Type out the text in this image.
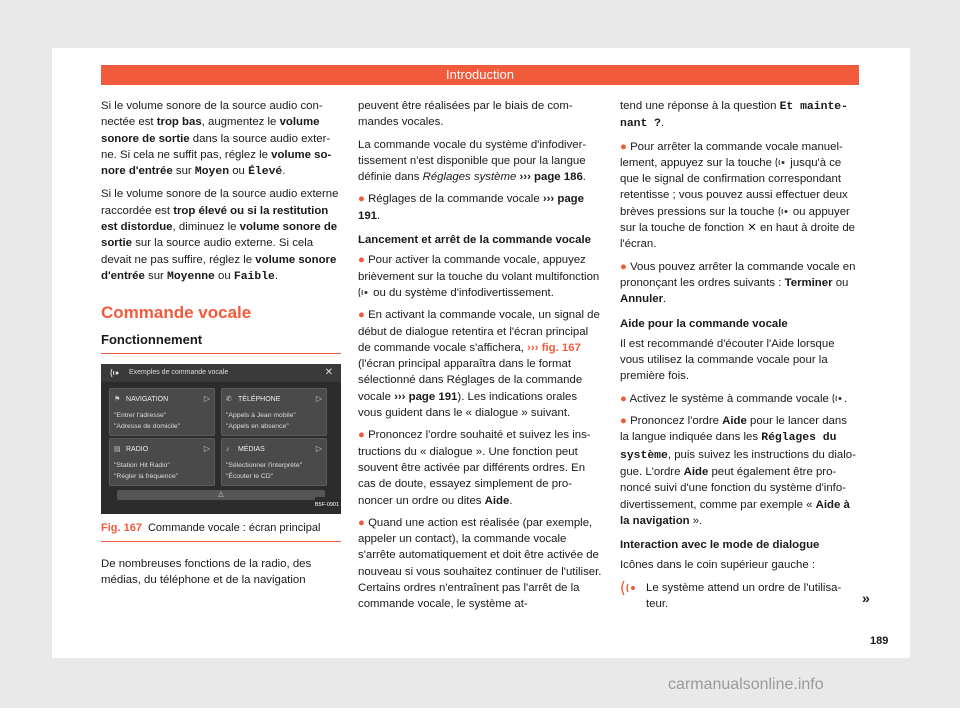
Introduction

Si le volume sonore de la source audio connectée est trop bas, augmentez le volume sonore de sortie dans la source audio externe. Si cela ne suffit pas, réglez le volume sonore d'entrée sur Moyen ou Élevé.

Si le volume sonore de la source audio externe raccordée est trop élevé ou si la restitution est distordue, diminuez le volume sonore de sortie sur la source audio externe. Si cela devait ne pas suffire, réglez le volume sonore d'entrée sur Moyenne ou Faible.

Commande vocale
Fonctionnement
Exemples de commande vocale	✕
⚑ NAVIGATION	▷
"Entrer l'adresse"
"Adresse de domicile"
✆ TÉLÉPHONE	▷
"Appels à Jean mobile"
"Appels en absence"
▤ RADIO	▷
"Station Hit Radio"
"Régler la fréquence"
♪ MÉDIAS	▷
"Sélectionner l'interprète"
"Écouter le CD"
△
B5F-0901
Fig. 167 Commande vocale : écran principal

De nombreuses fonctions de la radio, des médias, du téléphone et de la navigation

peuvent être réalisées par le biais de commandes vocales.

La commande vocale du système d'infodivertissement n'est disponible que pour la langue définie dans Réglages système ››› page 186.

● Réglages de la commande vocale ››› page 191.

Lancement et arrêt de la commande vocale

● Pour activer la commande vocale, appuyez brièvement sur la touche du volant multifonction  ou du système d'infodivertissement.

● En activant la commande vocale, un signal de début de dialogue retentira et l'écran principal de commande vocale s'affichera, ››› fig. 167 (l'écran principal apparaîtra dans le format sélectionné dans Réglages de la commande vocale ››› page 191). Les indications orales vous guident dans le « dialogue » suivant.

● Prononcez l'ordre souhaité et suivez les instructions du « dialogue ». Une fonction peut souvent être activée par différents ordres. En cas de doute, essayez simplement de prononcer un ordre ou dites Aide.

● Quand une action est réalisée (par exemple, appeler un contact), la commande vocale s'arrête automatiquement et doit être activée de nouveau si vous souhaitez continuer de l'utiliser. Certains ordres n'entraînent pas l'arrêt de la commande vocale, le système at-

tend une réponse à la question Et maintenant ?.

● Pour arrêter la commande vocale manuellement, appuyez sur la touche  jusqu'à ce que le signal de confirmation correspondant retentisse ; vous pouvez aussi effectuer deux brèves pressions sur la touche  ou appuyer sur la touche de fonction ✕ en haut à droite de l'écran.

● Vous pouvez arrêter la commande vocale en prononçant les ordres suivants : Terminer ou Annuler.

Aide pour la commande vocale

Il est recommandé d'écouter l'Aide lorsque vous utilisez la commande vocale pour la première fois.

● Activez le système à commande vocale .

● Prononcez l'ordre Aide pour le lancer dans la langue indiquée dans les Réglages du système, puis suivez les instructions du dialogue. L'ordre Aide peut également être prononcé suivi d'une fonction du système d'infodivertissement, comme par exemple « Aide à la navigation ».

Interaction avec le mode de dialogue

Icônes dans le coin supérieur gauche :

Le système attend un ordre de l'utilisateur.	»
189
carmanualsonline.info
